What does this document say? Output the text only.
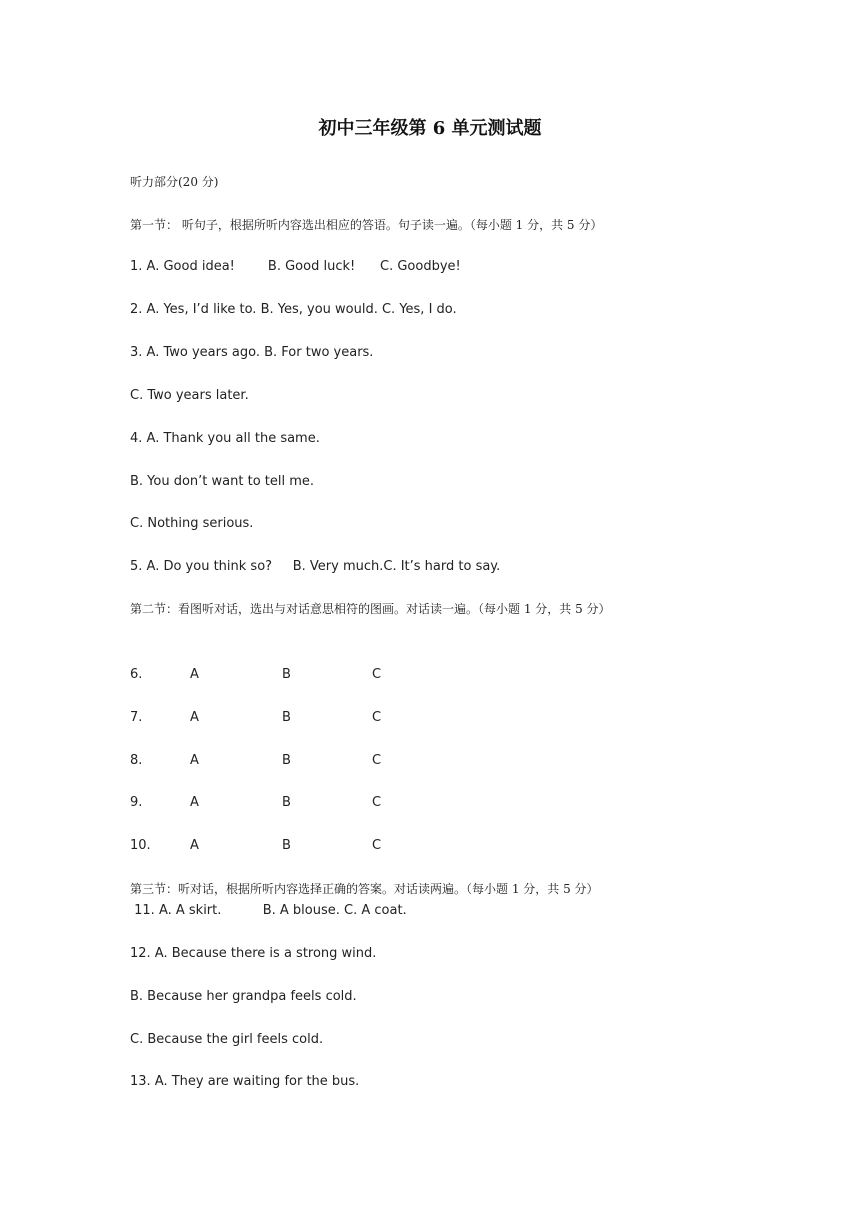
初中三年级第 6 单元测试题
听力部分(20 分)
第一节： 听句子，根据所听内容选出相应的答语。句子读一遍。（每小题 1 分，共 5 分）
1. A. Good idea!        B. Good luck!      C. Goodbye!
2. A. Yes, I’d like to. B. Yes, you would. C. Yes, I do.
3. A. Two years ago. B. For two years.
C. Two years later.
4. A. Thank you all the same.
B. You don’t want to tell me.
C. Nothing serious.
5. A. Do you think so?     B. Very much.C. It’s hard to say.
第二节：看图听对话，选出与对话意思相符的图画。对话读一遍。（每小题 1 分，共 5 分）
6.	A	B	C
7.	A	B	C
8.	A	B	C
9.	A	B	C
10.	A	B	C
第三节：听对话，根据所听内容选择正确的答案。对话读两遍。（每小题 1 分，共 5 分）
11. A. A skirt.          B. A blouse. C. A coat.
12. A. Because there is a strong wind.
B. Because her grandpa feels cold.
C. Because the girl feels cold.
13. A. They are waiting for the bus.
